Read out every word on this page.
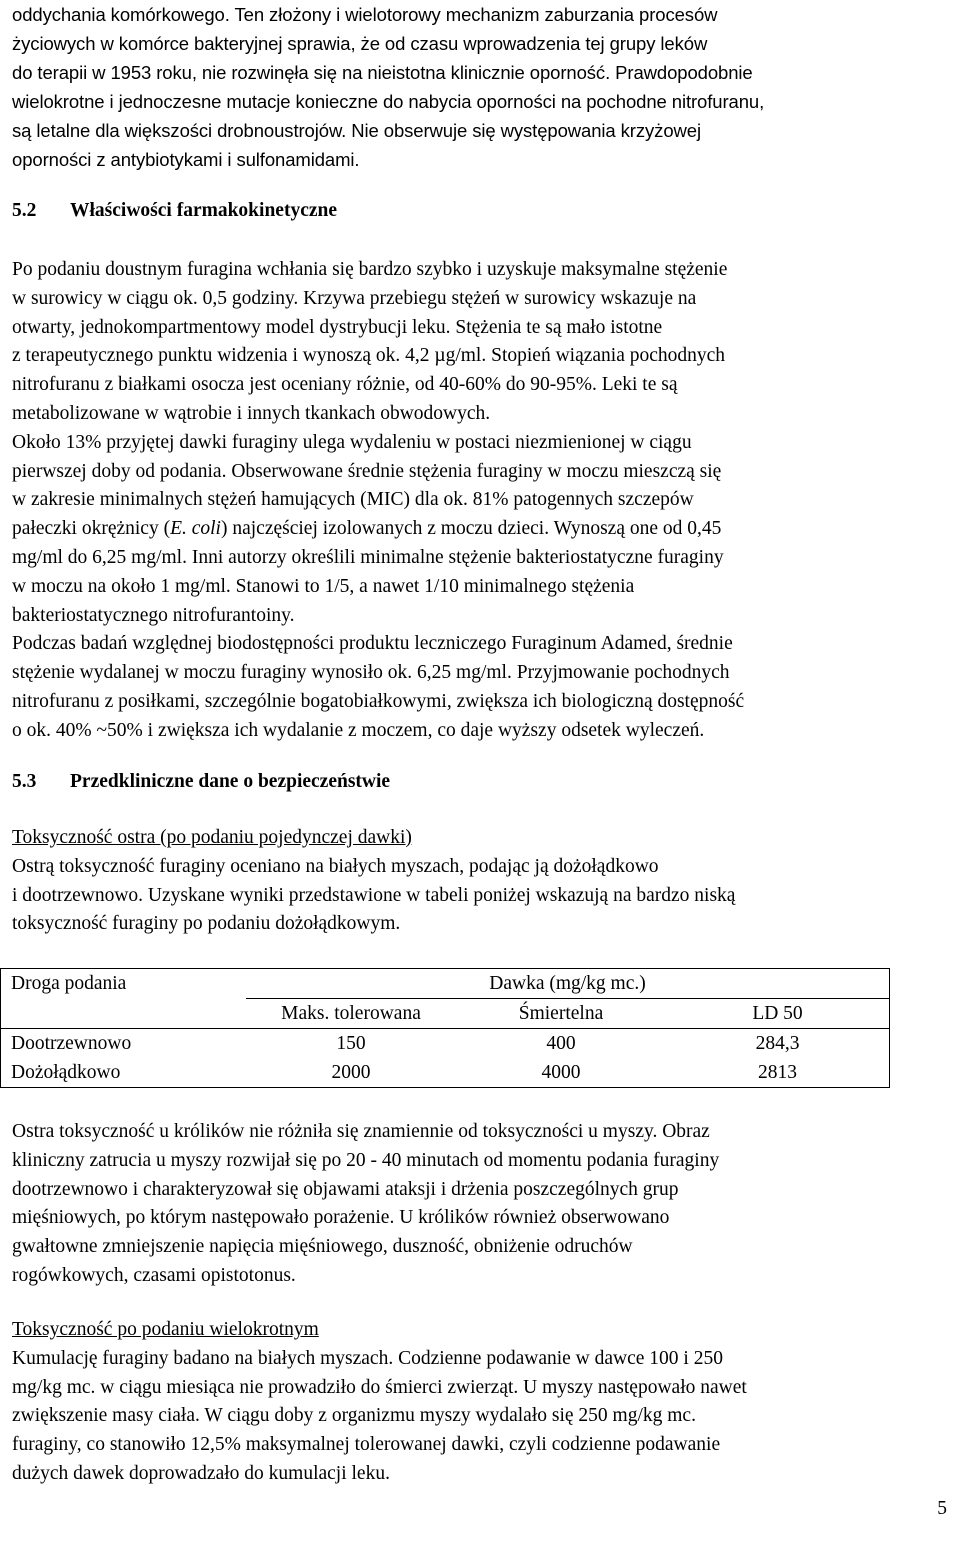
oddychania komórkowego. Ten złożony i wielotorowy mechanizm zaburzania procesów

życiowych w komórce bakteryjnej sprawia, że od czasu wprowadzenia tej grupy leków

do terapii w 1953 roku, nie rozwinęła się na nieistotna klinicznie oporność. Prawdopodobnie

wielokrotne i jednoczesne mutacje konieczne do nabycia oporności na pochodne nitrofuranu,

są letalne dla większości drobnoustrojów. Nie obserwuje się występowania krzyżowej

oporności z antybiotykami i sulfonamidami.

5.2 Właściwości farmakokinetyczne

Po podaniu doustnym furagina wchłania się bardzo szybko i uzyskuje maksymalne stężenie

w surowicy w ciągu ok. 0,5 godziny. Krzywa przebiegu stężeń w surowicy wskazuje na

otwarty, jednokompartmentowy model dystrybucji leku. Stężenia te są mało istotne

z terapeutycznego punktu widzenia i wynoszą ok. 4,2 µg/ml. Stopień wiązania pochodnych

nitrofuranu z białkami osocza jest oceniany różnie, od 40-60% do 90-95%. Leki te są

metabolizowane w wątrobie i innych tkankach obwodowych.

Około 13% przyjętej dawki furaginy ulega wydaleniu w postaci niezmienionej w ciągu

pierwszej doby od podania. Obserwowane średnie stężenia furaginy w moczu mieszczą się

w zakresie minimalnych stężeń hamujących (MIC) dla ok. 81% patogennych szczepów

pałeczki okrężnicy (E. coli) najczęściej izolowanych z moczu dzieci. Wynoszą one od 0,45

mg/ml do 6,25 mg/ml. Inni autorzy określili minimalne stężenie bakteriostatyczne furaginy

w moczu na około 1 mg/ml. Stanowi to 1/5, a nawet 1/10 minimalnego stężenia

bakteriostatycznego nitrofurantoiny.

Podczas badań względnej biodostępności produktu leczniczego Furaginum Adamed, średnie

stężenie wydalanej w moczu furaginy wynosiło ok. 6,25 mg/ml. Przyjmowanie pochodnych

nitrofuranu z posiłkami, szczególnie bogatobiałkowymi, zwiększa ich biologiczną dostępność

o ok. 40% ~50% i zwiększa ich wydalanie z moczem, co daje wyższy odsetek wyleczeń.

5.3 Przedkliniczne dane o bezpieczeństwie

Toksyczność ostra (po podaniu pojedynczej dawki)

Ostrą toksyczność furaginy oceniano na białych myszach, podając ją dożołądkowo

i dootrzewnowo. Uzyskane wyniki przedstawione w tabeli poniżej wskazują na bardzo niską

toksyczność furaginy po podaniu dożołądkowym.

Droga podania	Dawka (mg/kg mc.)		
	Maks. tolerowana	Śmiertelna	LD 50
Dootrzewnowo	150	400	284,3
Dożołądkowo	2000	4000	2813

Ostra toksyczność u królików nie różniła się znamiennie od toksyczności u myszy. Obraz

kliniczny zatrucia u myszy rozwijał się po 20 - 40 minutach od momentu podania furaginy

dootrzewnowo i charakteryzował się objawami ataksji i drżenia poszczególnych grup

mięśniowych, po którym następowało porażenie. U królików również obserwowano

gwałtowne zmniejszenie napięcia mięśniowego, duszność, obniżenie odruchów

rogówkowych, czasami opistotonus.

Toksyczność po podaniu wielokrotnym

Kumulację furaginy badano na białych myszach. Codzienne podawanie w dawce 100 i 250

mg/kg mc. w ciągu miesiąca nie prowadziło do śmierci zwierząt. U myszy następowało nawet

zwiększenie masy ciała. W ciągu doby z organizmu myszy wydalało się 250 mg/kg mc.

furaginy, co stanowiło 12,5% maksymalnej tolerowanej dawki, czyli codzienne podawanie

dużych dawek doprowadzało do kumulacji leku.

5
